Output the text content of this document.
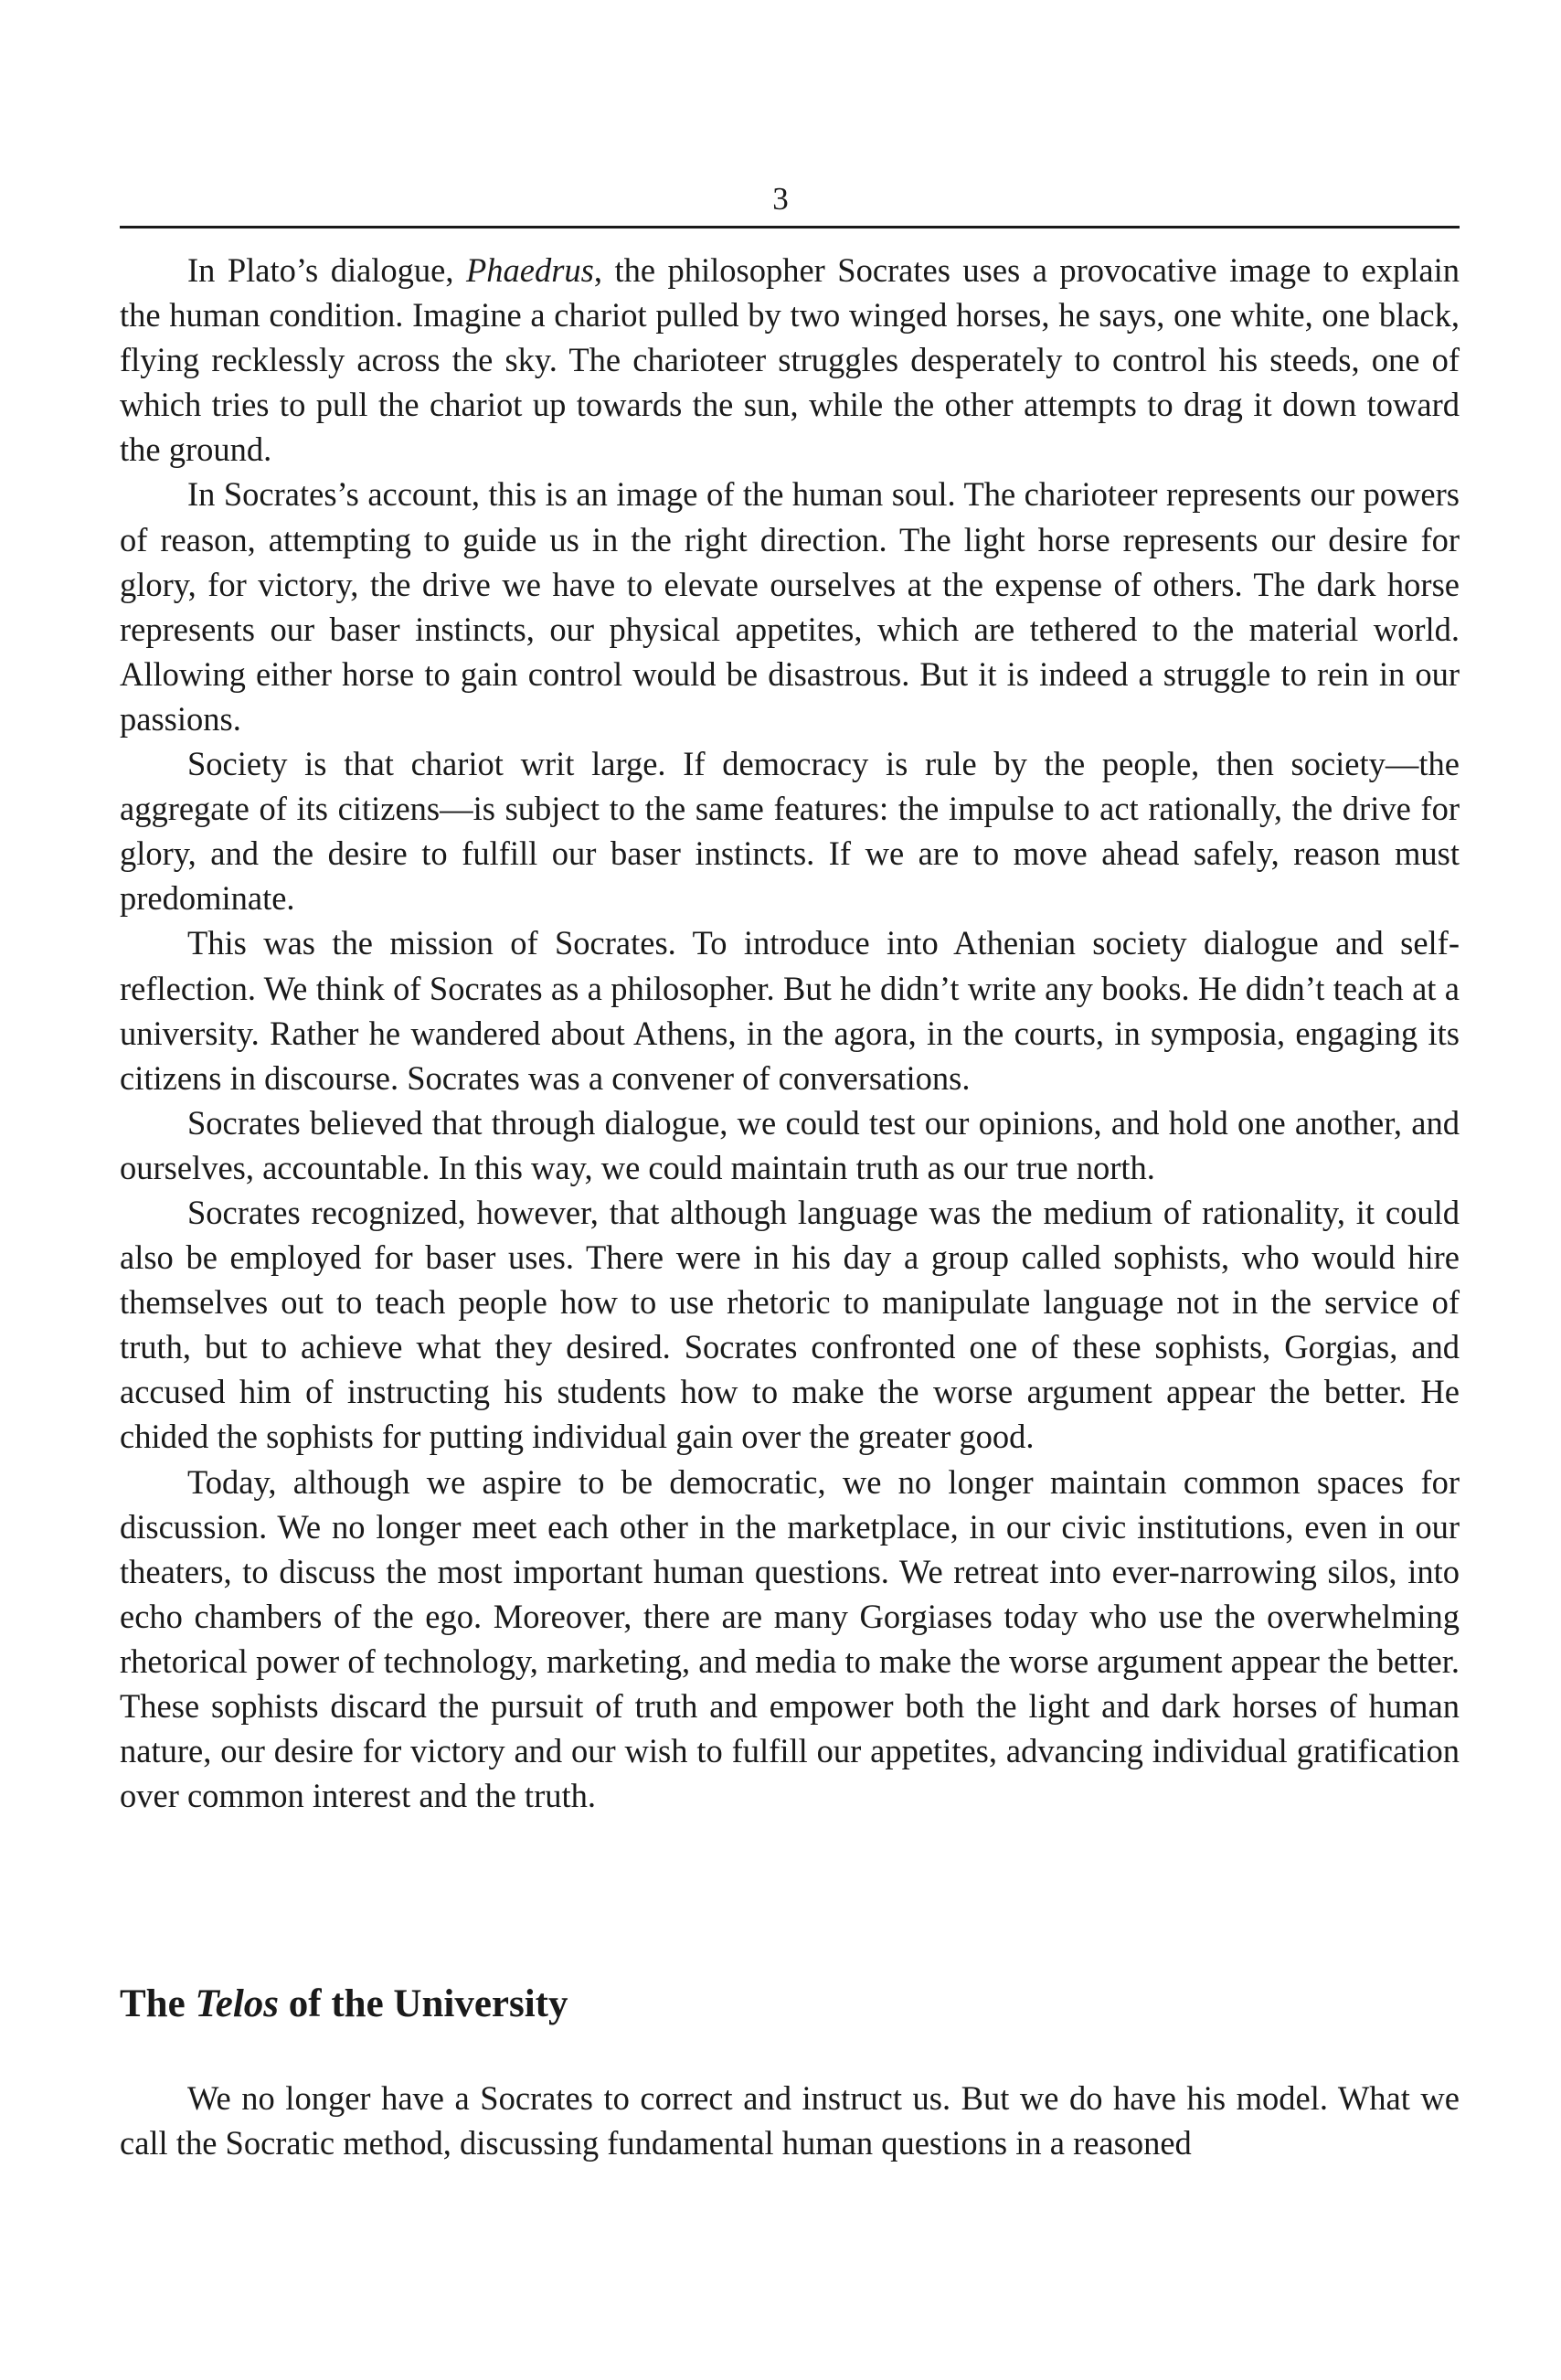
3

In Plato’s dialogue, Phaedrus, the philosopher Socrates uses a provocative image to explain the human condition. Imagine a chariot pulled by two winged horses, he says, one white, one black, flying recklessly across the sky. The charioteer struggles desperately to control his steeds, one of which tries to pull the chariot up towards the sun, while the other attempts to drag it down toward the ground.

In Socrates’s account, this is an image of the human soul. The charioteer represents our powers of reason, attempting to guide us in the right direction. The light horse represents our desire for glory, for victory, the drive we have to elevate ourselves at the expense of others. The dark horse represents our baser instincts, our physical appetites, which are tethered to the material world. Allowing either horse to gain control would be disastrous. But it is indeed a struggle to rein in our passions.

Society is that chariot writ large. If democracy is rule by the people, then society—the aggregate of its citizens—is subject to the same features: the impulse to act rationally, the drive for glory, and the desire to fulfill our baser instincts. If we are to move ahead safely, reason must predominate.

This was the mission of Socrates. To introduce into Athenian society dialogue and self-reflection. We think of Socrates as a philosopher. But he didn’t write any books. He didn’t teach at a university. Rather he wandered about Athens, in the agora, in the courts, in symposia, engaging its citizens in discourse. Socrates was a convener of conversations.

Socrates believed that through dialogue, we could test our opinions, and hold one another, and ourselves, accountable. In this way, we could maintain truth as our true north.

Socrates recognized, however, that although language was the medium of rationality, it could also be employed for baser uses. There were in his day a group called sophists, who would hire themselves out to teach people how to use rhetoric to manipulate language not in the service of truth, but to achieve what they desired. Socrates confronted one of these sophists, Gorgias, and accused him of instructing his students how to make the worse argument appear the better. He chided the sophists for putting individual gain over the greater good.

Today, although we aspire to be democratic, we no longer maintain common spaces for discussion. We no longer meet each other in the marketplace, in our civic institutions, even in our theaters, to discuss the most important human questions. We retreat into ever-narrowing silos, into echo chambers of the ego. Moreover, there are many Gorgiases today who use the overwhelming rhetorical power of technology, marketing, and media to make the worse argument appear the better. These sophists discard the pursuit of truth and empower both the light and dark horses of human nature, our desire for victory and our wish to fulfill our appetites, advancing individual gratification over common interest and the truth.

The Telos of the University

We no longer have a Socrates to correct and instruct us. But we do have his model. What we call the Socratic method, discussing fundamental human questions in a reasoned
